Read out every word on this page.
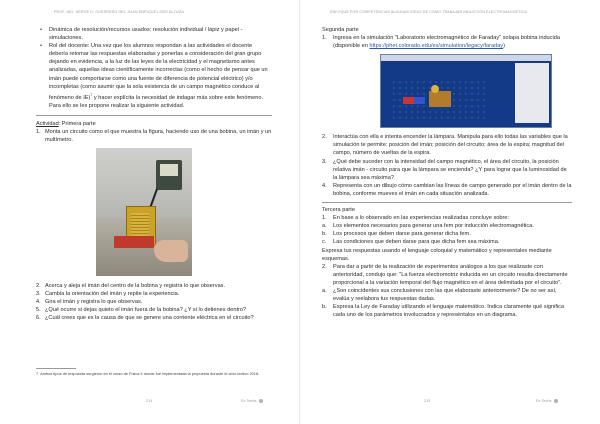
PROF. ING. HÉROE D. GUERRERO ING. JUAN ENRIQUE LOBO ALZUGA

• Dinámica de resolución/recursos usados: resolución individual / lápiz y papel - simulaciones.

• Rol del docente: Una vez que los alumnos respondan a las actividades el docente debería retomar las respuestas elaboradas y ponerlas a consideración del gran grupo dejando en evidencia, a la luz de las leyes de la electricidad y el magnetismo antes analizadas, aquellas ideas científicamente incorrectas (como el hecho de pensar que un imán puede comportarse como una fuente de diferencia de potencial eléctrico) y/o incompletas (como asumir que la sola existencia de un campo magnético conduce al fenómeno de IE)$^7$ y hacer explícita la necesidad de indagar más sobre este fenómeno. Para ello se les propone realizar la siguiente actividad.

Actividad: Primera parte

1. Monta un circuito como el que muestra la figura, haciendo uso de una bobina, un imán y un multímetro.

2. Acerca y aleja el imán del centro de la bobina y registra lo que observas.

3. Cambia la orientación del imán y repite la experiencia.

4. Gira el imán y registra lo que observas.

5. ¿Qué ocurre si dejas quieto el imán fuera de la bobina? ¿Y si lo detienes dentro?

6. ¿Cuál crees que es la causa de que se genere una corriente eléctrica en el circuito?

7. Ambos tipos de respuesta surgieron en el curso de Física II donde fue implementada la propuesta durante el ciclo lectivo 2018.
214	Ex Tedris
ENFOQUE POR COMPETENCIAS ALGUNAS IDEAS DE CÓMO TRABAJAR INDUCCIÓN ELECTROMAGNÉTICA

Segunda parte

1. Ingresa en la simulación "Laboratorio electromagnético de Faraday" solapa bobina inducida (disponible en https://phet.colorado.edu/es/simulation/legacy/faraday)

2. Interactúa con ella e intenta encender la lámpara. Manipula para ello todas las variables que la simulación te permite: posición del imán; posición del circuito; área de la espira; magnitud del campo, número de vueltas de la espira.

3. ¿Qué debe suceder con la intensidad del campo magnético, el área del circuito, la posición relativa imán - circuito para que la lámpara se encienda? ¿Y para lograr que la luminosidad de la lámpara sea máxima?

4. Representa con un dibujo cómo cambian las líneas de campo generado por el imán dentro de la bobina, conforme mueves el imán en cada situación analizada.

Tercera parte

1. En base a lo observado en las experiencias realizadas concluye sobre:

a. Los elementos necesarios para generar una fem por inducción electromagnética.

b. Los procesos que deben darse para generar dicha fem.

c. Las condiciones que deben darse para que dicha fem sea máxima.

Expresa tus respuestas usando el lenguaje coloquial y matemático y representales mediante esquemas.

2. Para dar a partir de la realización de experimentos análogos a los que realizaste con anterioridad, condujo que: "La fuerza electromotriz inducida en un circuito resulta directamente proporcional a la variación temporal del flujo magnético en el área delimitada por el circuito".

a. ¿Son coincidentes sus conclusiones con las que elaboraste anteriormente? De no ser así, evalúa y reelabora tus respuestas dadas.

b. Expresa la Ley de Faraday utilizando el lenguaje matemático. Indica claramente qué significa cada uno de los parámetros involucrados y represéntalos en un diagrama.

215	Ex Tedris
